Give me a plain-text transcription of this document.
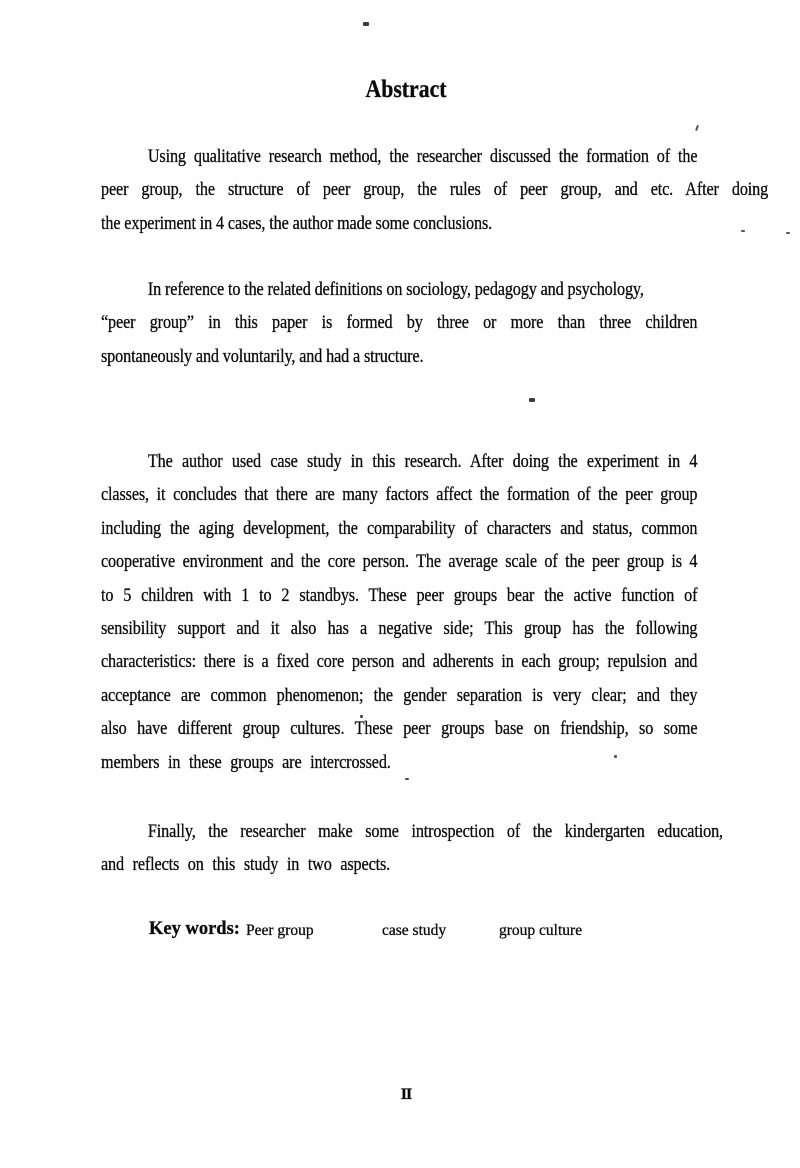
Abstract
Using qualitative research method, the researcher discussed the formation of the
peer group, the structure of peer group, the rules of peer group, and etc. After doing
the experiment in 4 cases, the author made some conclusions.
In reference to the related definitions on sociology, pedagogy and psychology,
“peer group” in this paper is formed by three or more than three children
spontaneously and voluntarily, and had a structure.
The author used case study in this research. After doing the experiment in 4
classes, it concludes that there are many factors affect the formation of the peer group
including the aging development, the comparability of characters and status, common
cooperative environment and the core person. The average scale of the peer group is 4
to 5 children with 1 to 2 standbys. These peer groups bear the active function of
sensibility support and it also has a negative side; This group has the following
characteristics: there is a fixed core person and adherents in each group; repulsion and
acceptance are common phenomenon; the gender separation is very clear; and they
also have different group cultures. These peer groups base on friendship, so some
members in these groups are intercrossed.
Finally, the researcher make some introspection of the kindergarten education,
and reflects on this study in two aspects.
Key words: Peer group	case study	group culture
II
